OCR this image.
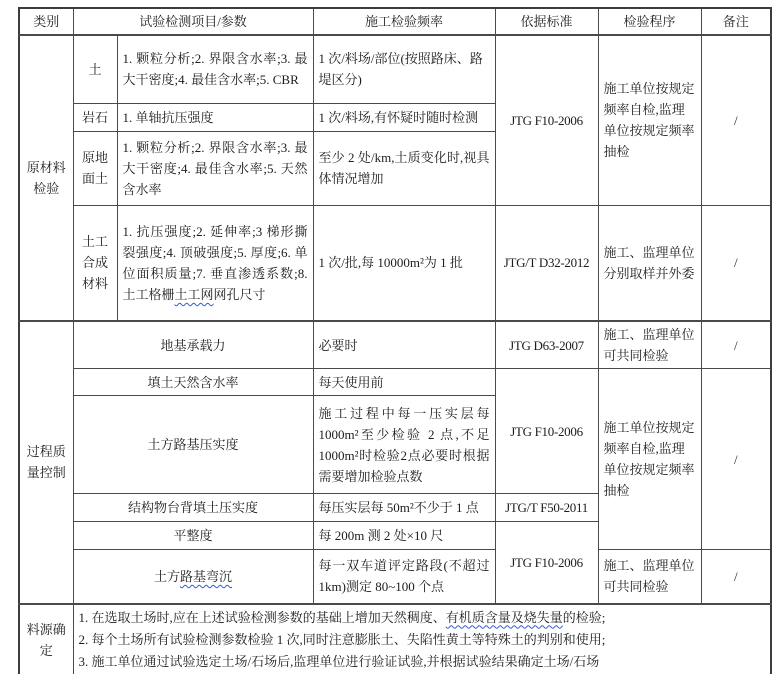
类别	试验检测项目/参数		施工检验频率	依据标准	检验程序	备注
原材料检验	土	1. 颗粒分析;2. 界限含水率;3. 最大干密度;4. 最佳含水率;5. CBR	1 次/料场/部位(按照路床、路堤区分)	JTG F10-2006	施工单位按规定频率自检,监理单位按规定频率抽检	/
	岩石	1. 单轴抗压强度	1 次/料场,有怀疑时随时检测			
	原地面土	1. 颗粒分析;2. 界限含水率;3. 最大干密度;4. 最佳含水率;5. 天然含水率	至少 2 处/km,土质变化时,视具体情况增加			
	土工合成材料	1. 抗压强度;2. 延伸率;3 梯形撕裂强度;4. 顶破强度;5. 厚度;6. 单位面积质量;7. 垂直渗透系数;8. 土工格栅土工网网孔尺寸	1 次/批,每 10000m²为 1 批	JTG/T D32-2012	施工、监理单位分别取样并外委	/
过程质量控制	地基承载力		必要时	JTG D63-2007	施工、监理单位可共同检验	/
	填土天然含水率		每天使用前	JTG F10-2006	施工单位按规定频率自检,监理单位按规定频率抽检	/
	土方路基压实度		施工过程中每一压实层每1000m²至少检验 2 点,不足1000m²时检验2点必要时根据需要增加检验点数			
	结构物台背填土压实度		每压实层每 50m²不少于 1 点	JTG/T F50-2011		
	平整度		每 200m 测 2 处×10 尺	JTG F10-2006		
	土方路基弯沉		每一双车道评定路段(不超过1km)测定 80~100 个点		施工、监理单位可共同检验	/
料源确定	1. 在选取土场时,应在上述试验检测参数的基础上增加天然稠度、有机质含量及烧失量的检验;
2. 每个土场所有试验检测参数检验 1 次,同时注意膨胀土、失陷性黄土等特殊土的判别和使用;
3. 施工单位通过试验选定土场/石场后,监理单位进行验证试验,并根据试验结果确定土场/石场					
